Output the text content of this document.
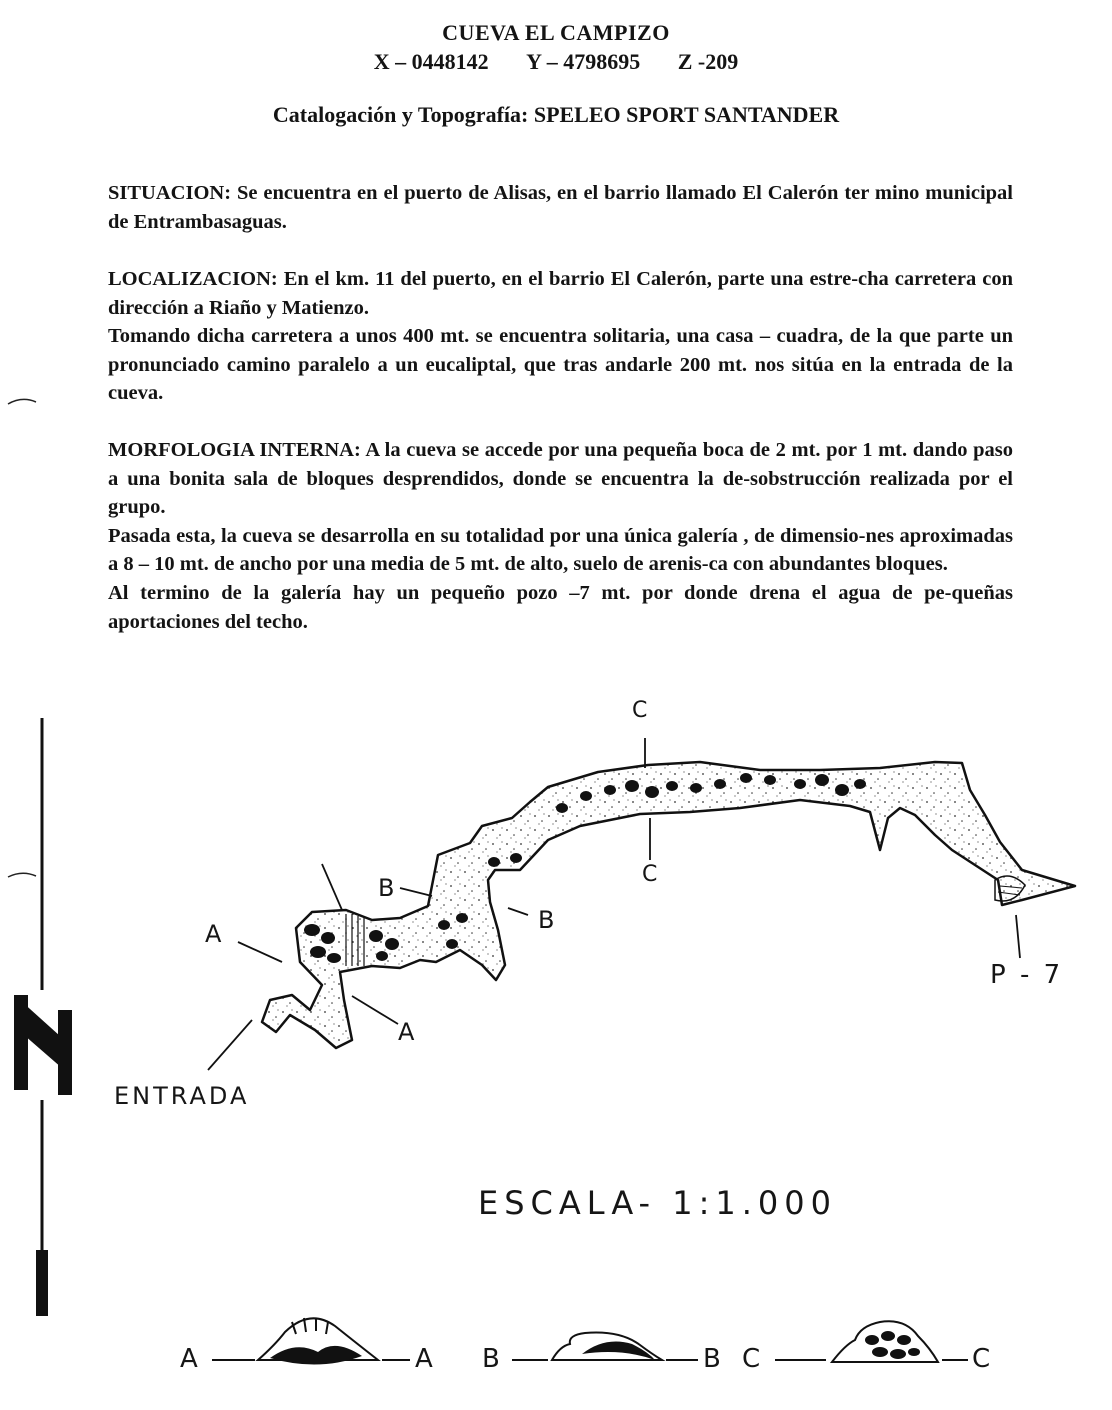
CUEVA EL CAMPIZO
X – 0448142 Y – 4798695 Z -209
Catalogación y Topografía: SPELEO SPORT SANTANDER

SITUACION: Se encuentra en el puerto de Alisas, en el barrio llamado El Calerón ter mino municipal de Entrambasaguas.

LOCALIZACION: En el km. 11 del puerto, en el barrio El Calerón, parte una estre-cha carretera con dirección a Riaño y Matienzo.

Tomando dicha carretera a unos 400 mt. se encuentra solitaria, una casa – cuadra, de la que parte un pronunciado camino paralelo a un eucaliptal, que tras andarle 200 mt. nos sitúa en la entrada de la cueva.

MORFOLOGIA INTERNA: A la cueva se accede por una pequeña boca de 2 mt. por 1 mt. dando paso a una bonita sala de bloques desprendidos, donde se encuentra la de-sobstrucción realizada por el grupo.

Pasada esta, la cueva se desarrolla en su totalidad por una única galería , de dimensio-nes aproximadas a 8 – 10 mt. de ancho por una media de 5 mt. de alto, suelo de arenis-ca con abundantes bloques.

Al termino de la galería hay un pequeño pozo –7 mt. por donde drena el agua de pe-queñas aportaciones del techo.

C
C
B
B
A
A
ENTRADA
P - 7
ESCALA- 1:1.000
A	A B	B C	C
